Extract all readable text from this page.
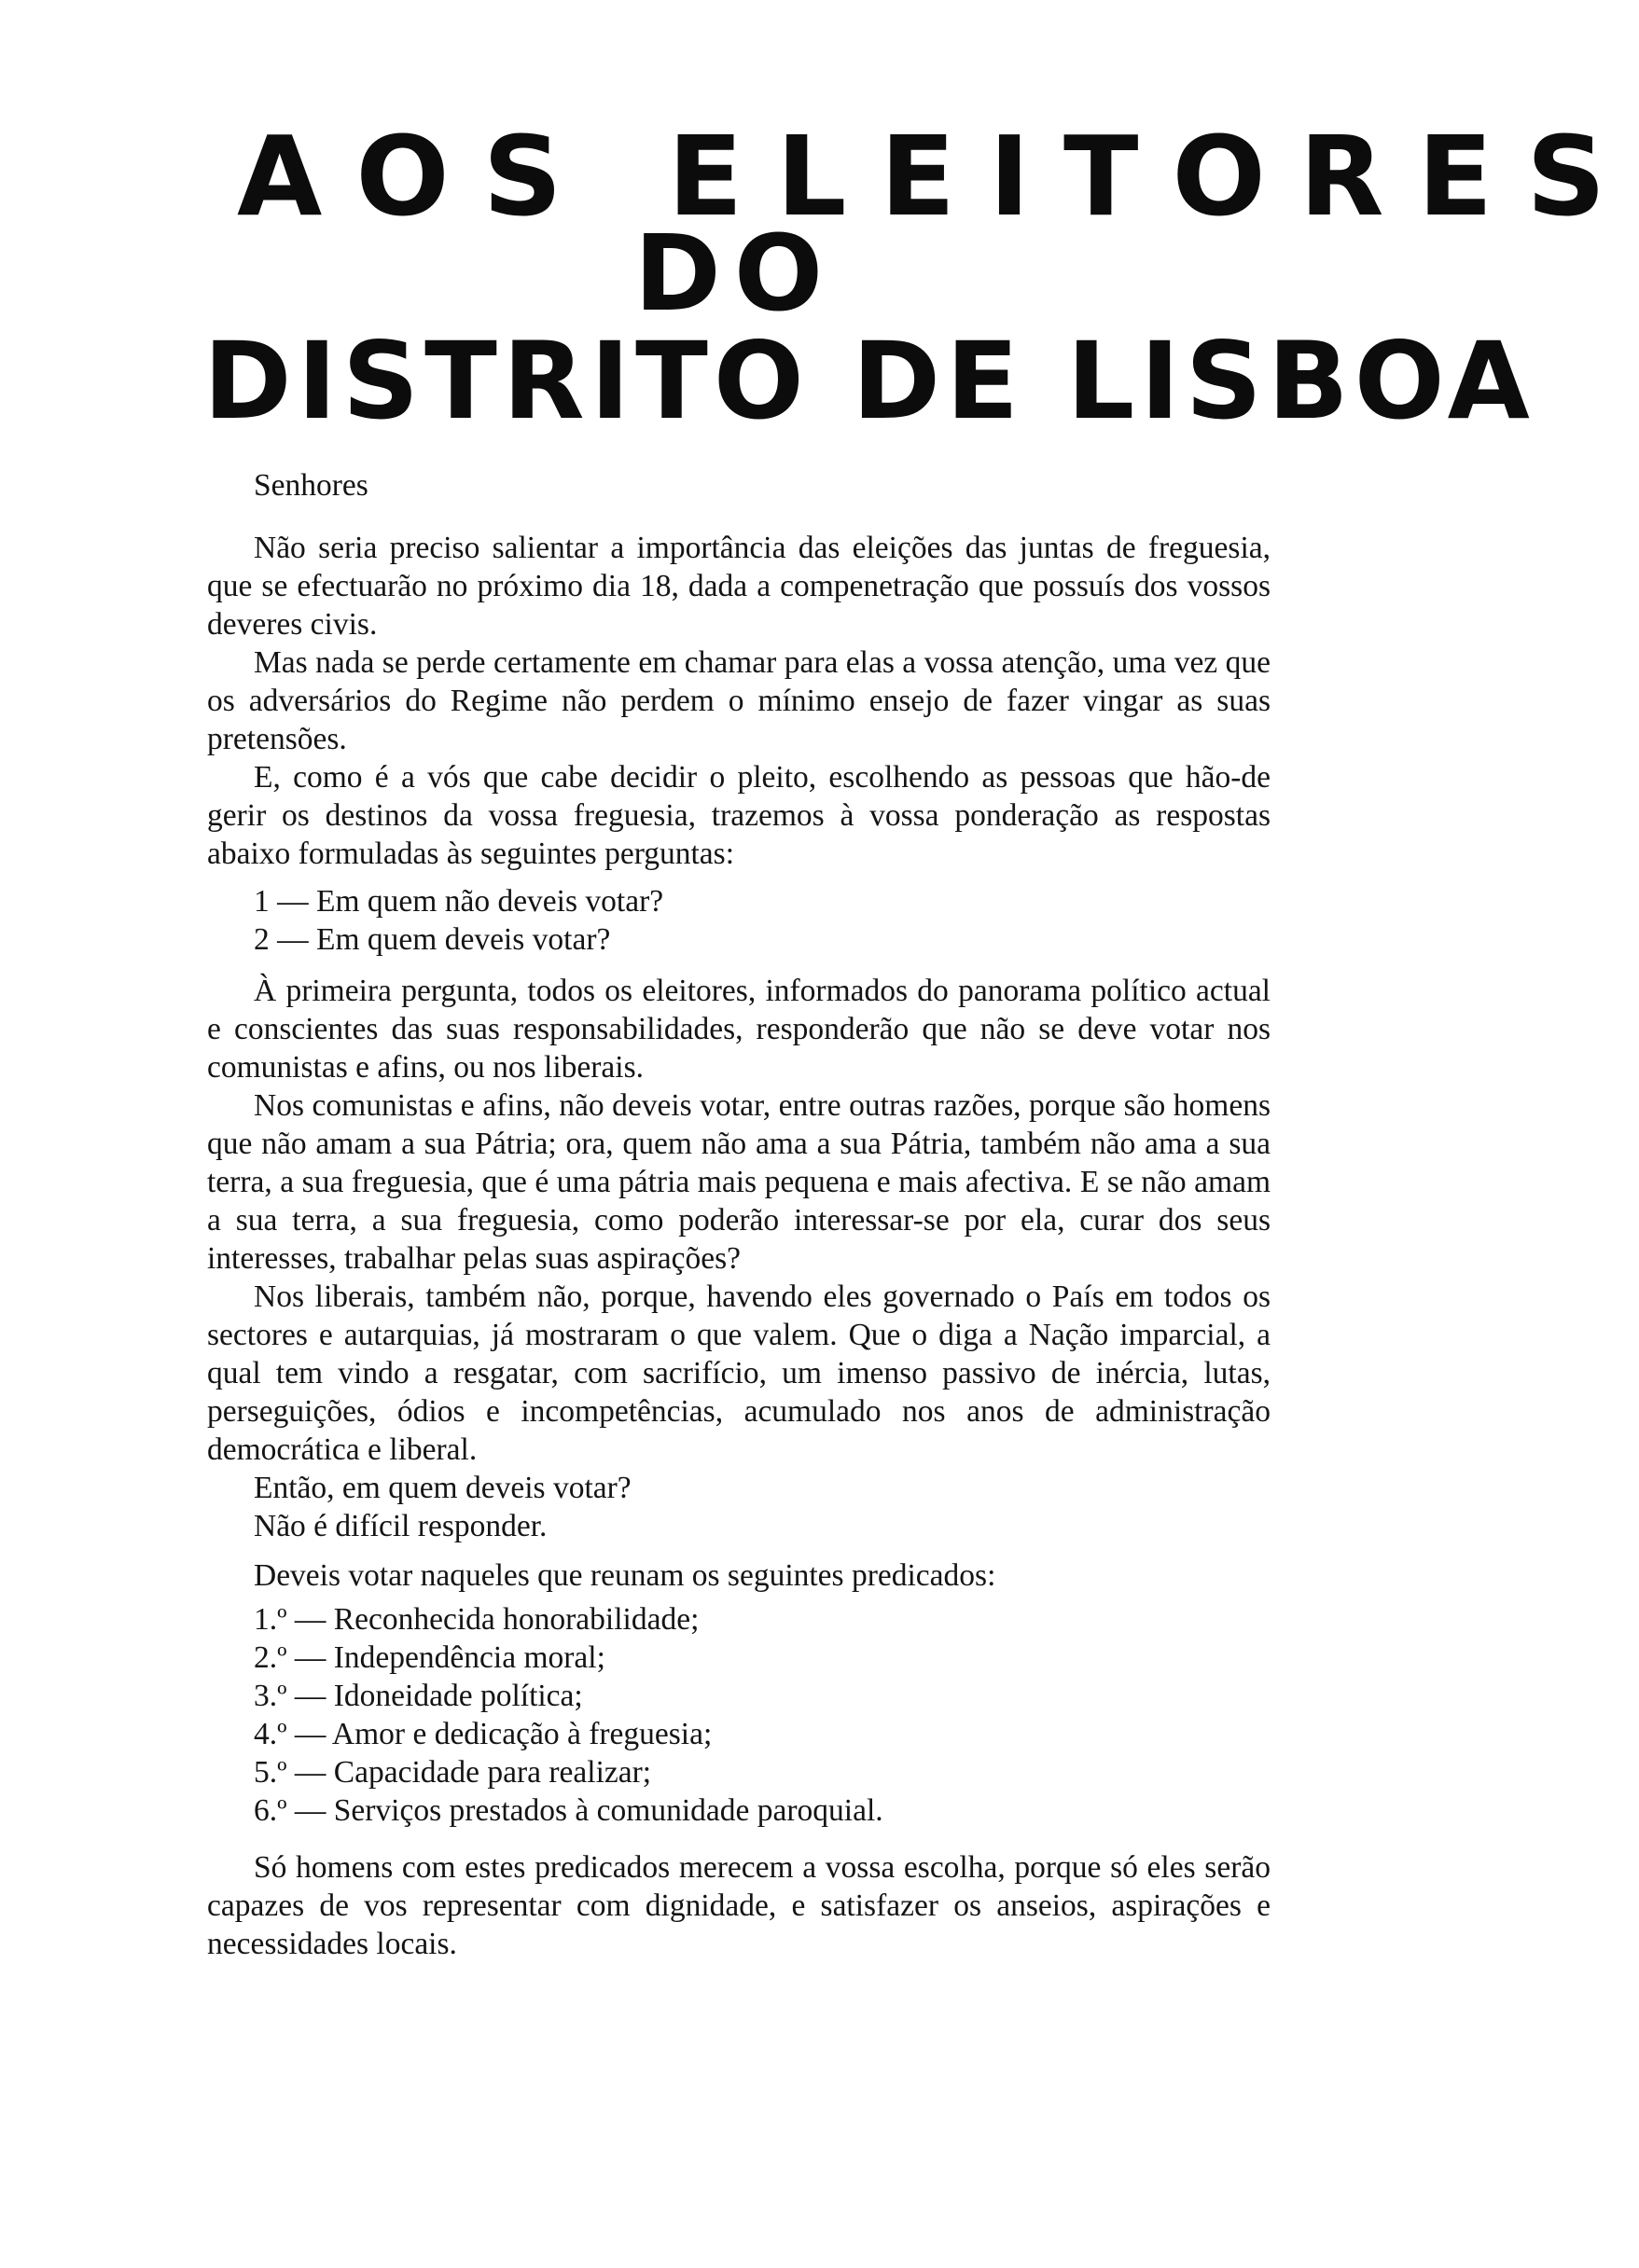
AOS ELEITORES
DO
DISTRITO DE LISBOA

Senhores

Não seria preciso salientar a importância das eleições das juntas de freguesia, que se efectuarão no próximo dia 18, dada a compenetração que possuís dos vossos deveres civis.

Mas nada se perde certamente em chamar para elas a vossa atenção, uma vez que os adversários do Regime não perdem o mínimo ensejo de fazer vingar as suas pretensões.

E, como é a vós que cabe decidir o pleito, escolhendo as pessoas que hão-de gerir os destinos da vossa freguesia, trazemos à vossa ponderação as respostas abaixo formuladas às seguintes perguntas:

1 — Em quem não deveis votar?
2 — Em quem deveis votar?

À primeira pergunta, todos os eleitores, informados do panorama político actual e conscientes das suas responsabilidades, responderão que não se deve votar nos comunistas e afins, ou nos liberais.

Nos comunistas e afins, não deveis votar, entre outras razões, porque são homens que não amam a sua Pátria; ora, quem não ama a sua Pátria, também não ama a sua terra, a sua freguesia, que é uma pátria mais pequena e mais afectiva. E se não amam a sua terra, a sua freguesia, como poderão interessar-se por ela, curar dos seus interesses, trabalhar pelas suas aspirações?

Nos liberais, também não, porque, havendo eles governado o País em todos os sectores e autarquias, já mostraram o que valem. Que o diga a Nação imparcial, a qual tem vindo a resgatar, com sacrifício, um imenso passivo de inércia, lutas, perseguições, ódios e incompetências, acumulado nos anos de administração democrática e liberal.

Então, em quem deveis votar?

Não é difícil responder.

Deveis votar naqueles que reunam os seguintes predicados:

1.º — Reconhecida honorabilidade;
2.º — Independência moral;
3.º — Idoneidade política;
4.º — Amor e dedicação à freguesia;
5.º — Capacidade para realizar;
6.º — Serviços prestados à comunidade paroquial.

Só homens com estes predicados merecem a vossa escolha, porque só eles serão capazes de vos representar com dignidade, e satisfazer os anseios, aspirações e necessidades locais.
